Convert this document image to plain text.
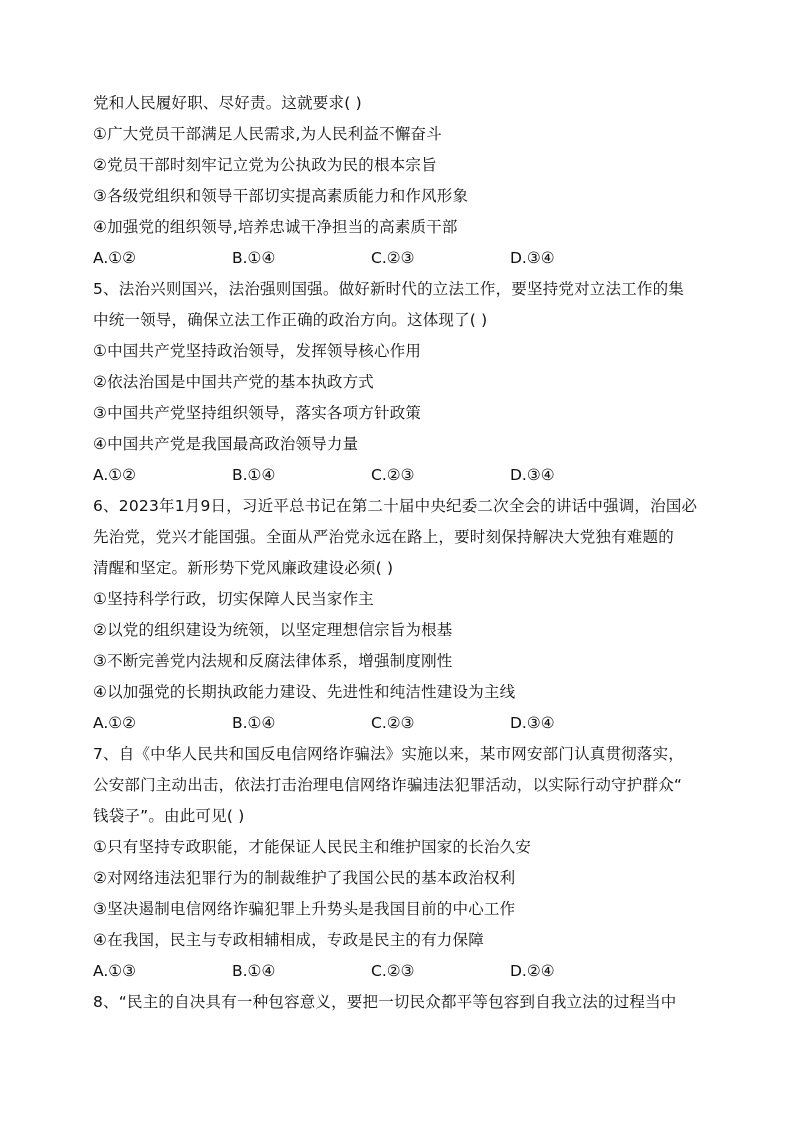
党和人民履好职、尽好责。这就要求( )
①广大党员干部满足人民需求,为人民利益不懈奋斗
②党员干部时刻牢记立党为公执政为民的根本宗旨
③各级党组织和领导干部切实提高素质能力和作风形象
④加强党的组织领导,培养忠诚干净担当的高素质干部
A.①②	B.①④	C.②③	D.③④
5、法治兴则国兴，法治强则国强。做好新时代的立法工作，要坚持党对立法工作的集
中统一领导，确保立法工作正确的政治方向。这体现了( )
①中国共产党坚持政治领导，发挥领导核心作用
②依法治国是中国共产党的基本执政方式
③中国共产党坚持组织领导，落实各项方针政策
④中国共产党是我国最高政治领导力量
A.①②	B.①④	C.②③	D.③④
6、2023年1月9日，习近平总书记在第二十届中央纪委二次全会的讲话中强调，治国必
先治党，党兴才能国强。全面从严治党永远在路上，要时刻保持解决大党独有难题的
清醒和坚定。新形势下党风廉政建设必须( )
①坚持科学行政，切实保障人民当家作主
②以党的组织建设为统领，以坚定理想信宗旨为根基
③不断完善党内法规和反腐法律体系，增强制度刚性
④以加强党的长期执政能力建设、先进性和纯洁性建设为主线
A.①②	B.①④	C.②③	D.③④
7、自《中华人民共和国反电信网络诈骗法》实施以来，某市网安部门认真贯彻落实，
公安部门主动出击，依法打击治理电信网络诈骗违法犯罪活动，以实际行动守护群众“
钱袋子”。由此可见( )
①只有坚持专政职能，才能保证人民民主和维护国家的长治久安
②对网络违法犯罪行为的制裁维护了我国公民的基本政治权利
③坚决遏制电信网络诈骗犯罪上升势头是我国目前的中心工作
④在我国，民主与专政相辅相成，专政是民主的有力保障
A.①③	B.①④	C.②③	D.②④
8、“民主的自决具有一种包容意义，要把一切民众都平等包容到自我立法的过程当中
